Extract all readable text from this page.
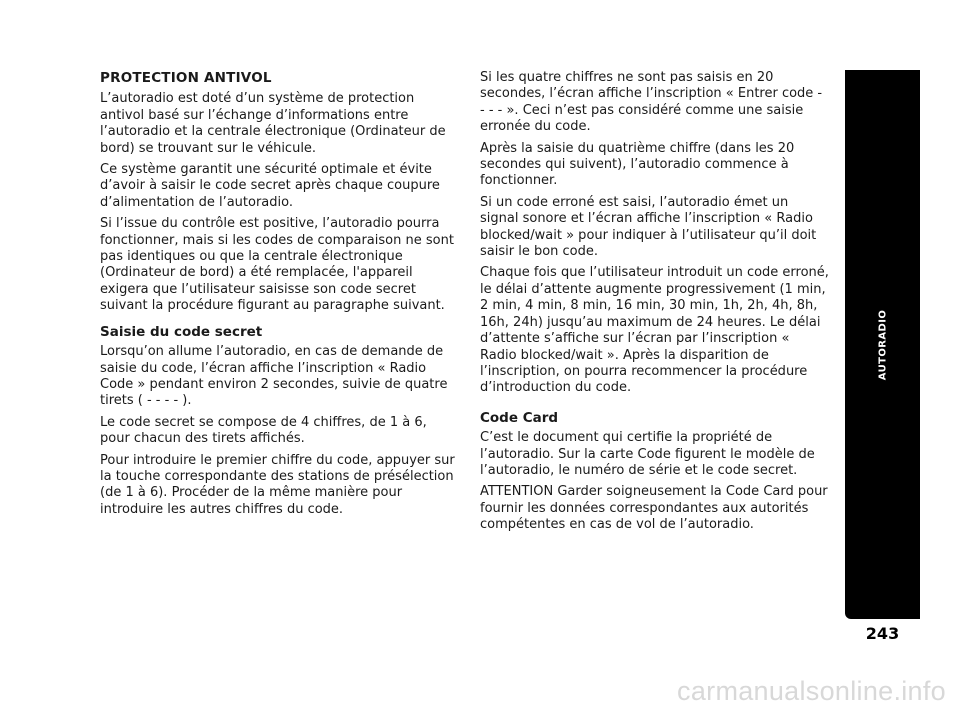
PROTECTION ANTIVOL

L’autoradio est doté d’un système de protection antivol basé sur l’échange d’informations entre l’autoradio et la centrale électronique (Ordinateur de bord) se trouvant sur le véhicule.

Ce système garantit une sécurité optimale et évite d’avoir à saisir le code secret après chaque coupure d’alimentation de l’autoradio.

Si l’issue du contrôle est positive, l’autoradio pourra fonctionner, mais si les codes de comparaison ne sont pas identiques ou que la centrale électronique (Ordinateur de bord) a été remplacée, l'appareil exigera que l’utilisateur saisisse son code secret suivant la procédure figurant au paragraphe suivant.

Saisie du code secret

Lorsqu’on allume l’autoradio, en cas de demande de saisie du code, l’écran affiche l’inscription « Radio Code » pendant environ 2 secondes, suivie de quatre tirets ( - - - - ).

Le code secret se compose de 4 chiffres, de 1 à 6, pour chacun des tirets affichés.

Pour introduire le premier chiffre du code, appuyer sur la touche correspondante des stations de présélection (de 1 à 6). Procéder de la même manière pour introduire les autres chiffres du code.

Si les quatre chiffres ne sont pas saisis en 20 secondes, l’écran affiche l’inscription « Entrer code - - - - ». Ceci n’est pas considéré comme une saisie erronée du code.

Après la saisie du quatrième chiffre (dans les 20 secondes qui suivent), l’autoradio commence à fonctionner.

Si un code erroné est saisi, l’autoradio émet un signal sonore et l’écran affiche l’inscription « Radio blocked/wait » pour indiquer à l’utilisateur qu’il doit saisir le bon code.

Chaque fois que l’utilisateur introduit un code erroné, le délai d’attente augmente progressivement (1 min, 2 min, 4 min, 8 min, 16 min, 30 min, 1h, 2h, 4h, 8h, 16h, 24h) jusqu’au maximum de 24 heures. Le délai d’attente s’affiche sur l’écran par l’inscription « Radio blocked/wait ». Après la disparition de l’inscription, on pourra recommencer la procédure d’introduction du code.

Code Card

C’est le document qui certifie la propriété de l’autoradio. Sur la carte Code figurent le modèle de l’autoradio, le numéro de série et le code secret.

ATTENTION Garder soigneusement la Code Card pour fournir les données correspondantes aux autorités compétentes en cas de vol de l’autoradio.

AUTORADIO
243
carmanualsonline.info
